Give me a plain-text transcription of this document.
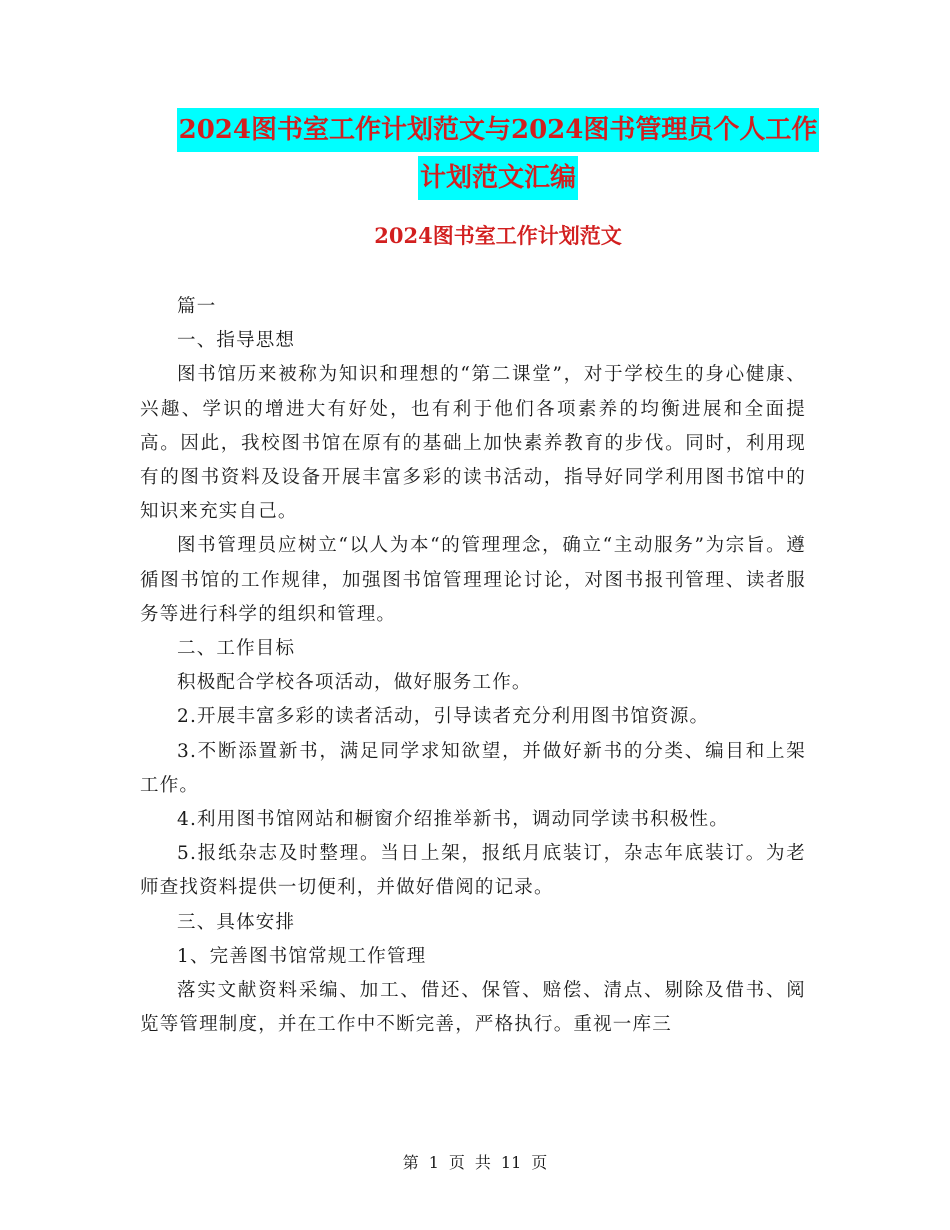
2024图书室工作计划范文与2024图书管理员个人工作
计划范文汇编
2024图书室工作计划范文

篇一

一、指导思想

图书馆历来被称为知识和理想的“第二课堂”，对于学校生的身心健康、兴趣、学识的增进大有好处，也有利于他们各项素养的均衡进展和全面提高。因此，我校图书馆在原有的基础上加快素养教育的步伐。同时，利用现有的图书资料及设备开展丰富多彩的读书活动，指导好同学利用图书馆中的知识来充实自己。

图书管理员应树立“以人为本“的管理理念，确立“主动服务”为宗旨。遵循图书馆的工作规律，加强图书馆管理理论讨论，对图书报刊管理、读者服务等进行科学的组织和管理。

二、工作目标

积极配合学校各项活动，做好服务工作。

2.开展丰富多彩的读者活动，引导读者充分利用图书馆资源。

3.不断添置新书，满足同学求知欲望，并做好新书的分类、编目和上架工作。

4.利用图书馆网站和橱窗介绍推举新书，调动同学读书积极性。

5.报纸杂志及时整理。当日上架，报纸月底装订，杂志年底装订。为老师查找资料提供一切便利，并做好借阅的记录。

三、具体安排

1、完善图书馆常规工作管理

落实文献资料采编、加工、借还、保管、赔偿、清点、剔除及借书、阅览等管理制度，并在工作中不断完善，严格执行。重视一库三

第 1 页 共 11 页
